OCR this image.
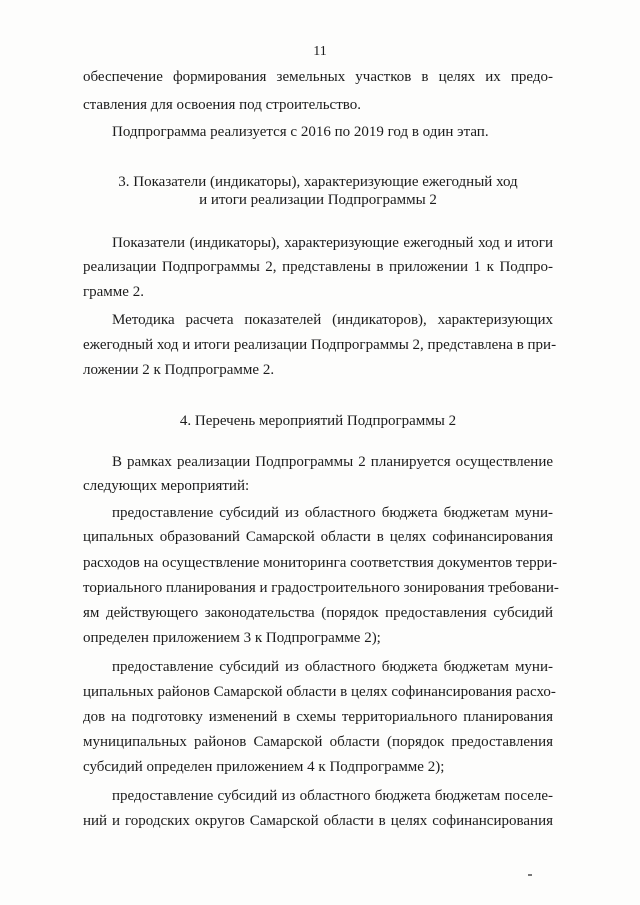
11
обеспечение формирования земельных участков в целях их предо-
ставления для освоения под строительство.
Подпрограмма реализуется с 2016 по 2019 год в один этап.
3. Показатели (индикаторы), характеризующие ежегодный ход
и итоги реализации Подпрограммы 2
Показатели (индикаторы), характеризующие ежегодный ход и итоги
реализации Подпрограммы 2, представлены в приложении 1 к Подпро-
грамме 2.
Методика расчета показателей (индикаторов), характеризующих
ежегодный ход и итоги реализации Подпрограммы 2, представлена в при-
ложении 2 к Подпрограмме 2.
4. Перечень мероприятий Подпрограммы 2
В рамках реализации Подпрограммы 2 планируется осуществление
следующих мероприятий:
предоставление субсидий из областного бюджета бюджетам муни-
ципальных образований Самарской области в целях софинансирования
расходов на осуществление мониторинга соответствия документов терри-
ториального планирования и градостроительного зонирования требовани-
ям действующего законодательства (порядок предоставления субсидий
определен приложением 3 к Подпрограмме 2);
предоставление субсидий из областного бюджета бюджетам муни-
ципальных районов Самарской области в целях софинансирования расхо-
дов на подготовку изменений в схемы территориального планирования
муниципальных районов Самарской области (порядок предоставления
субсидий определен приложением 4 к Подпрограмме 2);
предоставление субсидий из областного бюджета бюджетам поселе-
ний и городских округов Самарской области в целях софинансирования
